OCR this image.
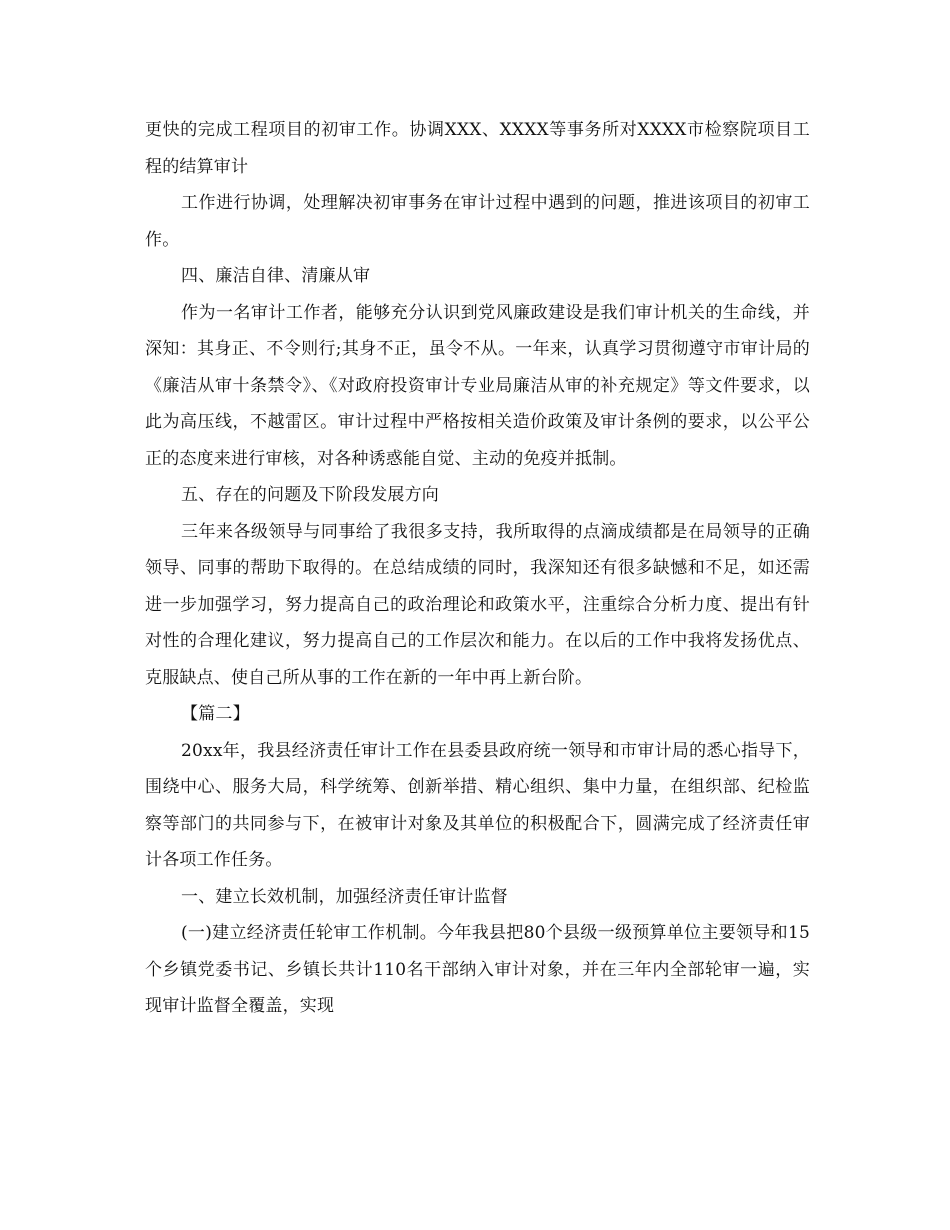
更快的完成工程项目的初审工作。协调XXX、XXXX等事务所对XXXX市检察院项目工程的结算审计

工作进行协调，处理解决初审事务在审计过程中遇到的问题，推进该项目的初审工作。

四、廉洁自律、清廉从审

作为一名审计工作者，能够充分认识到党风廉政建设是我们审计机关的生命线，并深知：其身正、不令则行;其身不正，虽令不从。一年来，认真学习贯彻遵守市审计局的《廉洁从审十条禁令》、《对政府投资审计专业局廉洁从审的补充规定》等文件要求，以此为高压线，不越雷区。审计过程中严格按相关造价政策及审计条例的要求，以公平公正的态度来进行审核，对各种诱惑能自觉、主动的免疫并抵制。

五、存在的问题及下阶段发展方向

三年来各级领导与同事给了我很多支持，我所取得的点滴成绩都是在局领导的正确领导、同事的帮助下取得的。在总结成绩的同时，我深知还有很多缺憾和不足，如还需进一步加强学习，努力提高自己的政治理论和政策水平，注重综合分析力度、提出有针对性的合理化建议，努力提高自己的工作层次和能力。在以后的工作中我将发扬优点、克服缺点、使自己所从事的工作在新的一年中再上新台阶。

【篇二】

20xx年，我县经济责任审计工作在县委县政府统一领导和市审计局的悉心指导下，围绕中心、服务大局，科学统筹、创新举措、精心组织、集中力量，在组织部、纪检监察等部门的共同参与下，在被审计对象及其单位的积极配合下，圆满完成了经济责任审计各项工作任务。

一、建立长效机制，加强经济责任审计监督

(一)建立经济责任轮审工作机制。今年我县把80个县级一级预算单位主要领导和15个乡镇党委书记、乡镇长共计110名干部纳入审计对象，并在三年内全部轮审一遍，实现审计监督全覆盖，实现
